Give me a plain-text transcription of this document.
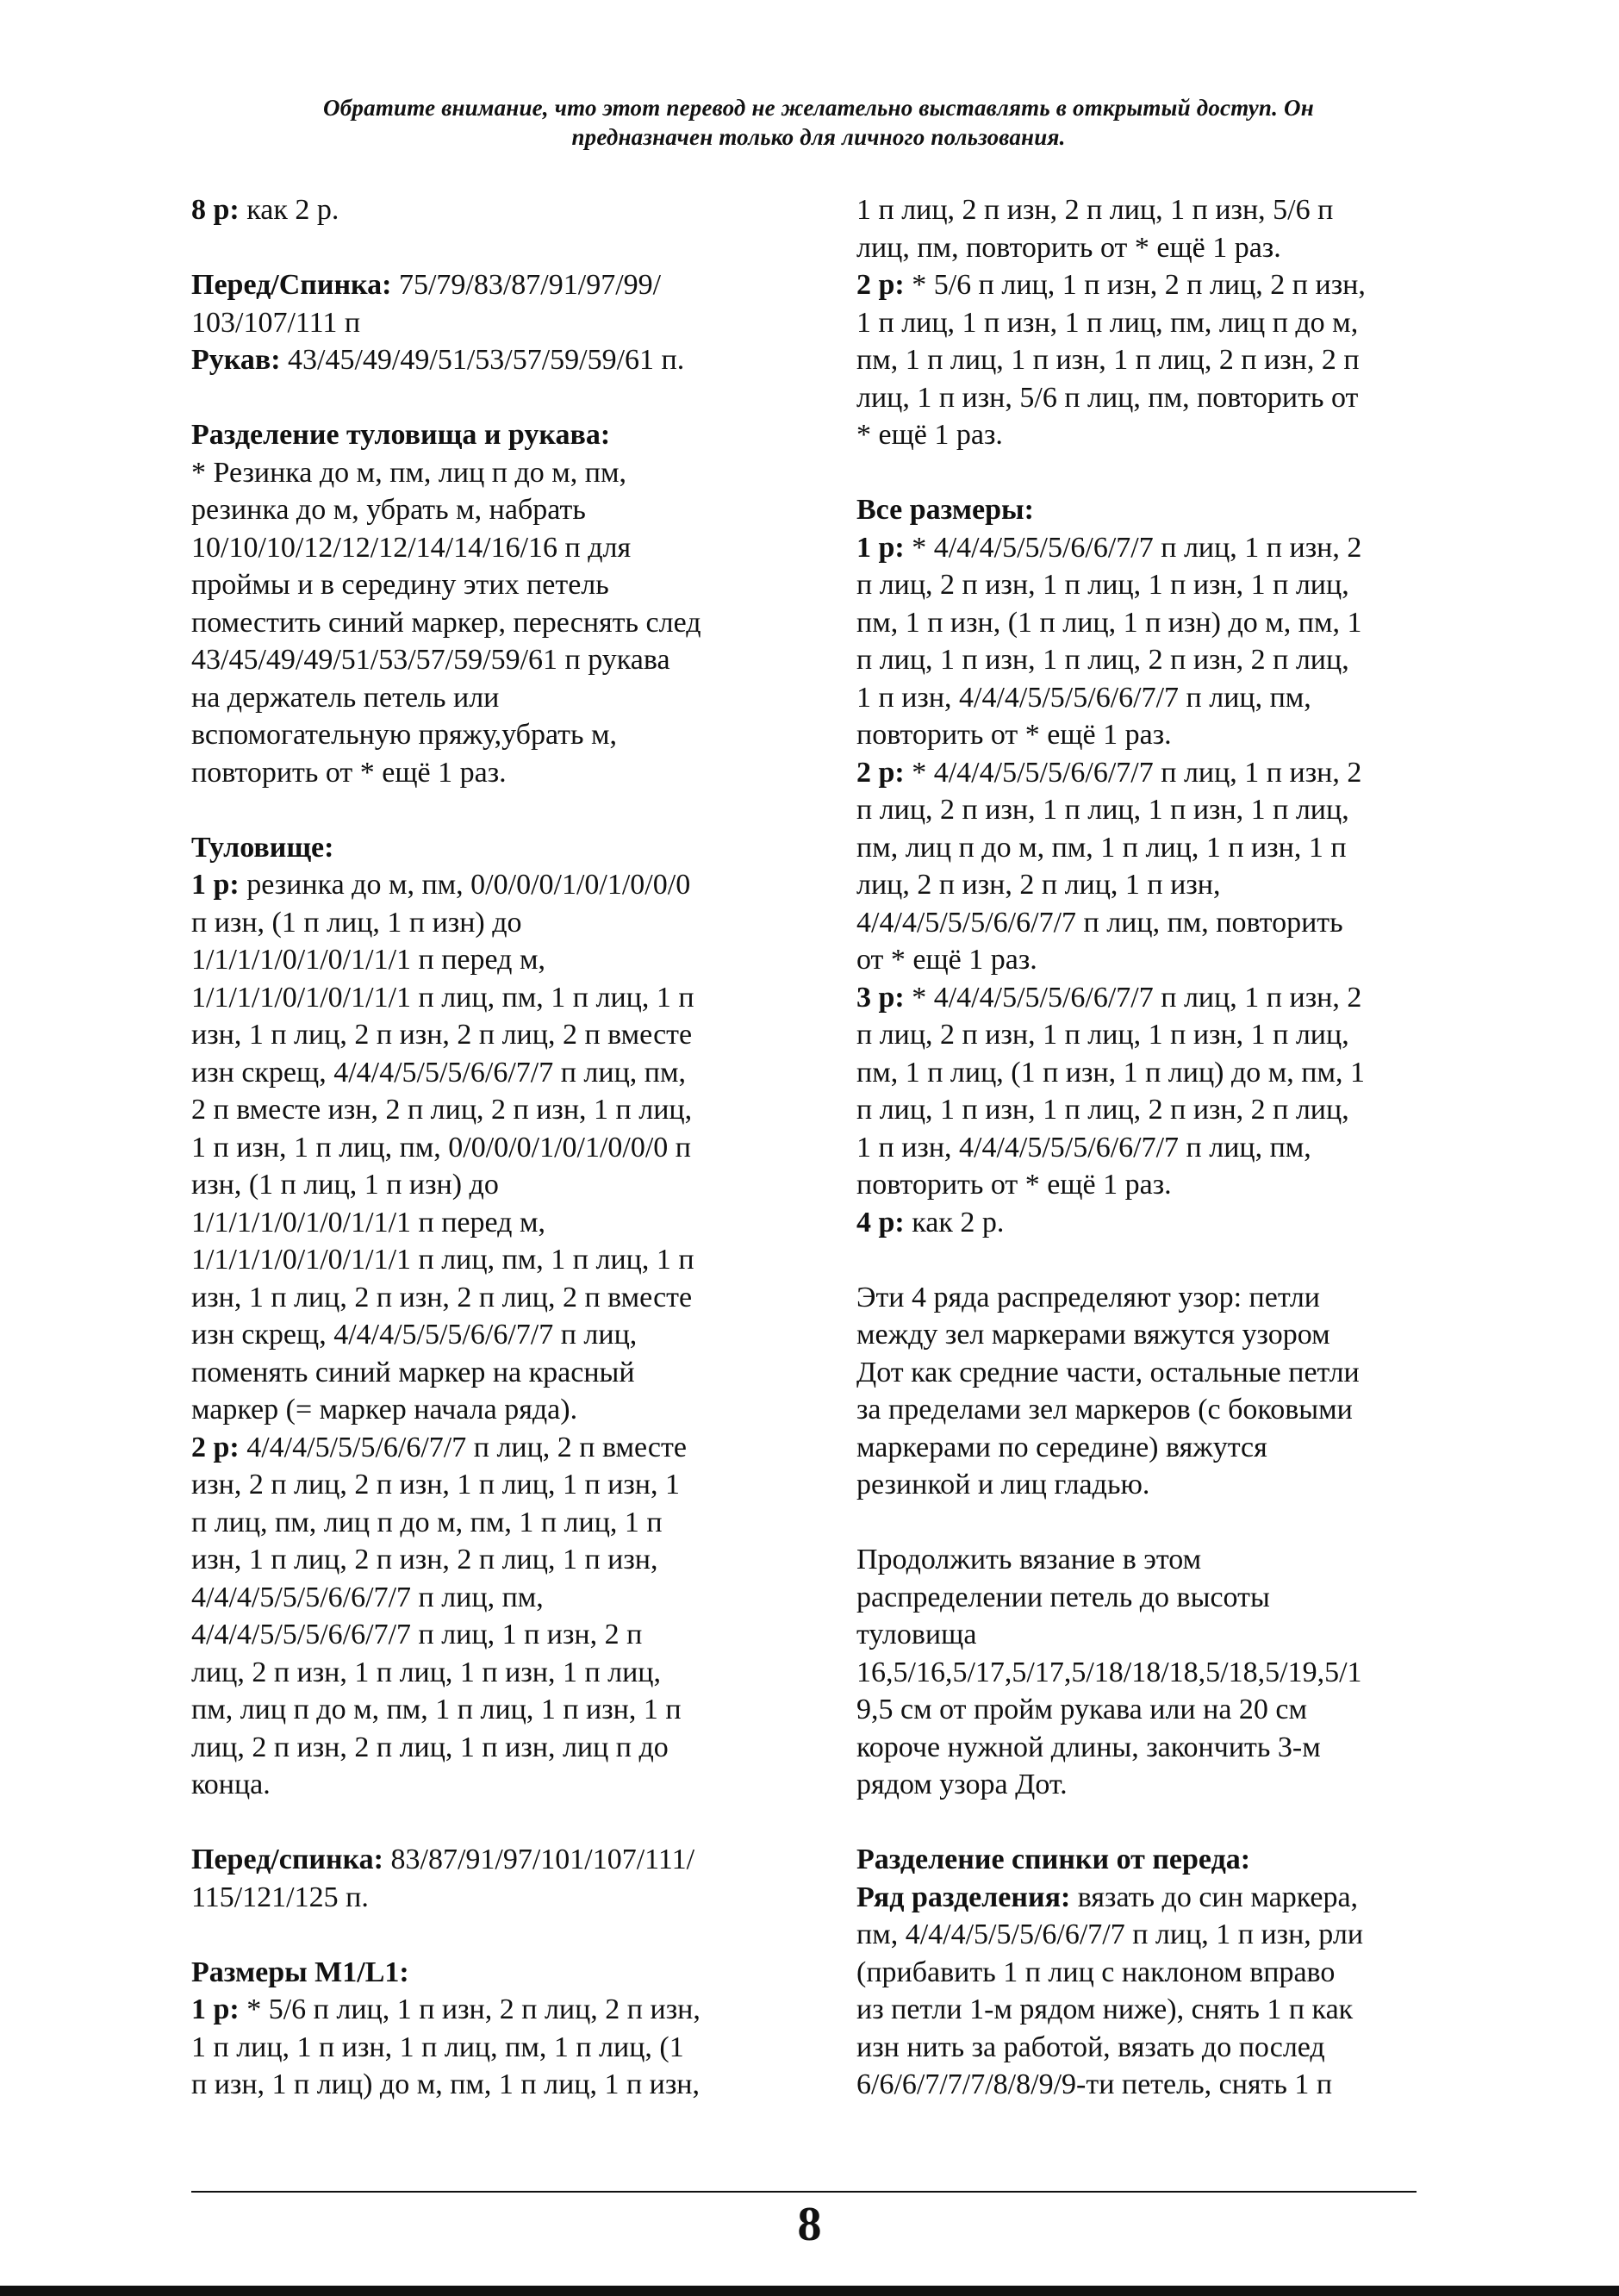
Обратите внимание, что этот перевод не желательно выставлять в открытый доступ. Он
предназначен только для личного пользования.

8 р: как 2 р.

Перед/Спинка: 75/79/83/87/91/97/99/
103/107/111 п

Рукав: 43/45/49/49/51/53/57/59/59/61 п.

Разделение туловища и рукава:
* Резинка до м, пм, лиц п до м, пм,
резинка до м, убрать м, набрать
10/10/10/12/12/12/14/14/16/16 п для
проймы и в середину этих петель
поместить синий маркер, переснять след
43/45/49/49/51/53/57/59/59/61 п рукава
на держатель петель или
вспомогательную пряжу,убрать м,
повторить от * ещё 1 раз.

Туловище:

1 р: резинка до м, пм, 0/0/0/0/1/0/1/0/0/0
п изн, (1 п лиц, 1 п изн) до
1/1/1/1/0/1/0/1/1/1 п перед м,
1/1/1/1/0/1/0/1/1/1 п лиц, пм, 1 п лиц, 1 п
изн, 1 п лиц, 2 п изн, 2 п лиц, 2 п вместе
изн скрещ, 4/4/4/5/5/5/6/6/7/7 п лиц, пм,
2 п вместе изн, 2 п лиц, 2 п изн, 1 п лиц,
1 п изн, 1 п лиц, пм, 0/0/0/0/1/0/1/0/0/0 п
изн, (1 п лиц, 1 п изн) до
1/1/1/1/0/1/0/1/1/1 п перед м,
1/1/1/1/0/1/0/1/1/1 п лиц, пм, 1 п лиц, 1 п
изн, 1 п лиц, 2 п изн, 2 п лиц, 2 п вместе
изн скрещ, 4/4/4/5/5/5/6/6/7/7 п лиц,
поменять синий маркер на красный
маркер (= маркер начала ряда).

2 р: 4/4/4/5/5/5/6/6/7/7 п лиц, 2 п вместе
изн, 2 п лиц, 2 п изн, 1 п лиц, 1 п изн, 1
п лиц, пм, лиц п до м, пм, 1 п лиц, 1 п
изн, 1 п лиц, 2 п изн, 2 п лиц, 1 п изн,
4/4/4/5/5/5/6/6/7/7 п лиц, пм,
4/4/4/5/5/5/6/6/7/7 п лиц, 1 п изн, 2 п
лиц, 2 п изн, 1 п лиц, 1 п изн, 1 п лиц,
пм, лиц п до м, пм, 1 п лиц, 1 п изн, 1 п
лиц, 2 п изн, 2 п лиц, 1 п изн, лиц п до
конца.

Перед/спинка: 83/87/91/97/101/107/111/
115/121/125 п.

Размеры M1/L1:

1 р: * 5/6 п лиц, 1 п изн, 2 п лиц, 2 п изн,
1 п лиц, 1 п изн, 1 п лиц, пм, 1 п лиц, (1
п изн, 1 п лиц) до м, пм, 1 п лиц, 1 п изн,

1 п лиц, 2 п изн, 2 п лиц, 1 п изн, 5/6 п
лиц, пм, повторить от * ещё 1 раз.

2 р: * 5/6 п лиц, 1 п изн, 2 п лиц, 2 п изн,
1 п лиц, 1 п изн, 1 п лиц, пм, лиц п до м,
пм, 1 п лиц, 1 п изн, 1 п лиц, 2 п изн, 2 п
лиц, 1 п изн, 5/6 п лиц, пм, повторить от
* ещё 1 раз.

Все размеры:

1 р: * 4/4/4/5/5/5/6/6/7/7 п лиц, 1 п изн, 2
п лиц, 2 п изн, 1 п лиц, 1 п изн, 1 п лиц,
пм, 1 п изн, (1 п лиц, 1 п изн) до м, пм, 1
п лиц, 1 п изн, 1 п лиц, 2 п изн, 2 п лиц,
1 п изн, 4/4/4/5/5/5/6/6/7/7 п лиц, пм,
повторить от * ещё 1 раз.

2 р: * 4/4/4/5/5/5/6/6/7/7 п лиц, 1 п изн, 2
п лиц, 2 п изн, 1 п лиц, 1 п изн, 1 п лиц,
пм, лиц п до м, пм, 1 п лиц, 1 п изн, 1 п
лиц, 2 п изн, 2 п лиц, 1 п изн,
4/4/4/5/5/5/6/6/7/7 п лиц, пм, повторить
от * ещё 1 раз.

3 р: * 4/4/4/5/5/5/6/6/7/7 п лиц, 1 п изн, 2
п лиц, 2 п изн, 1 п лиц, 1 п изн, 1 п лиц,
пм, 1 п лиц, (1 п изн, 1 п лиц) до м, пм, 1
п лиц, 1 п изн, 1 п лиц, 2 п изн, 2 п лиц,
1 п изн, 4/4/4/5/5/5/6/6/7/7 п лиц, пм,
повторить от * ещё 1 раз.

4 р: как 2 р.

Эти 4 ряда распределяют узор: петли
между зел маркерами вяжутся узором
Дот как средние части, остальные петли
за пределами зел маркеров (с боковыми
маркерами по середине) вяжутся
резинкой и лиц гладью.

Продолжить вязание в этом
распределении петель до высоты
туловища
16,5/16,5/17,5/17,5/18/18/18,5/18,5/19,5/1
9,5 см от пройм рукава или на 20 см
короче нужной длины, закончить 3-м
рядом узора Дот.

Разделение спинки от переда:

Ряд разделения: вязать до син маркера,
пм, 4/4/4/5/5/5/6/6/7/7 п лиц, 1 п изн, рли
(прибавить 1 п лиц с наклоном вправо
из петли 1-м рядом ниже), снять 1 п как
изн нить за работой, вязать до послед
6/6/6/7/7/7/8/8/9/9-ти петель, снять 1 п

8
